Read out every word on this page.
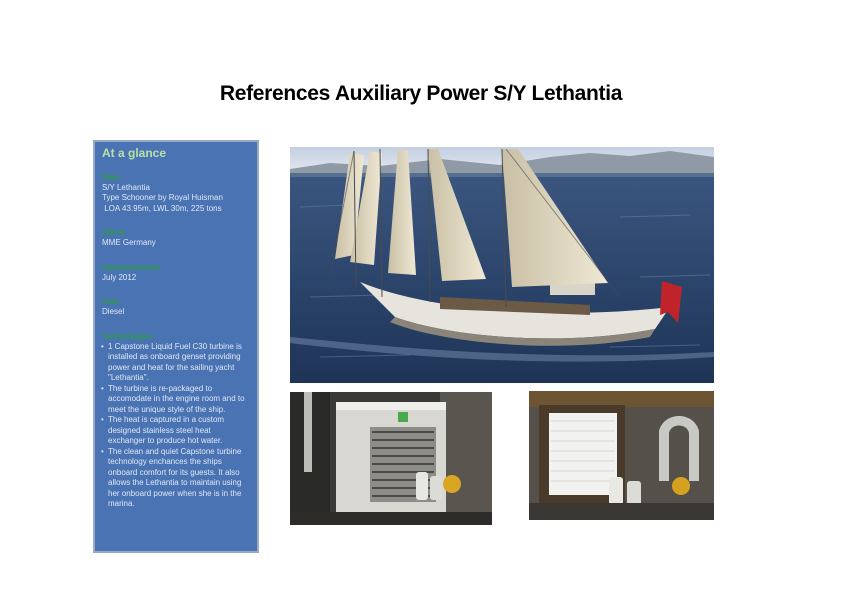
References Auxiliary Power S/Y Lethantia
At a glance
Ship
S/Y Lethantia
Type Schooner by Royal Huisman
LOA 43.95m, LWL 30m, 225 tons
Client
MME Germany
Commissioned
July 2012
Fuel
Diesel
Technologies
• 1 Capstone Liquid Fuel C30 turbine is installed as onboard genset providing power and heat for the sailing yacht "Lethantia".
• The turbine is re-packaged to accomodate in the engine room and to meet the unique style of the ship.
• The heat is captured in a custom designed stainless steel heat exchanger to produce hot water.
• The clean and quiet Capstone turbine technology enchances the ships onboard comfort for its guests. It also allows the Lethantia to maintain using her onboard power when she is in the marina.
